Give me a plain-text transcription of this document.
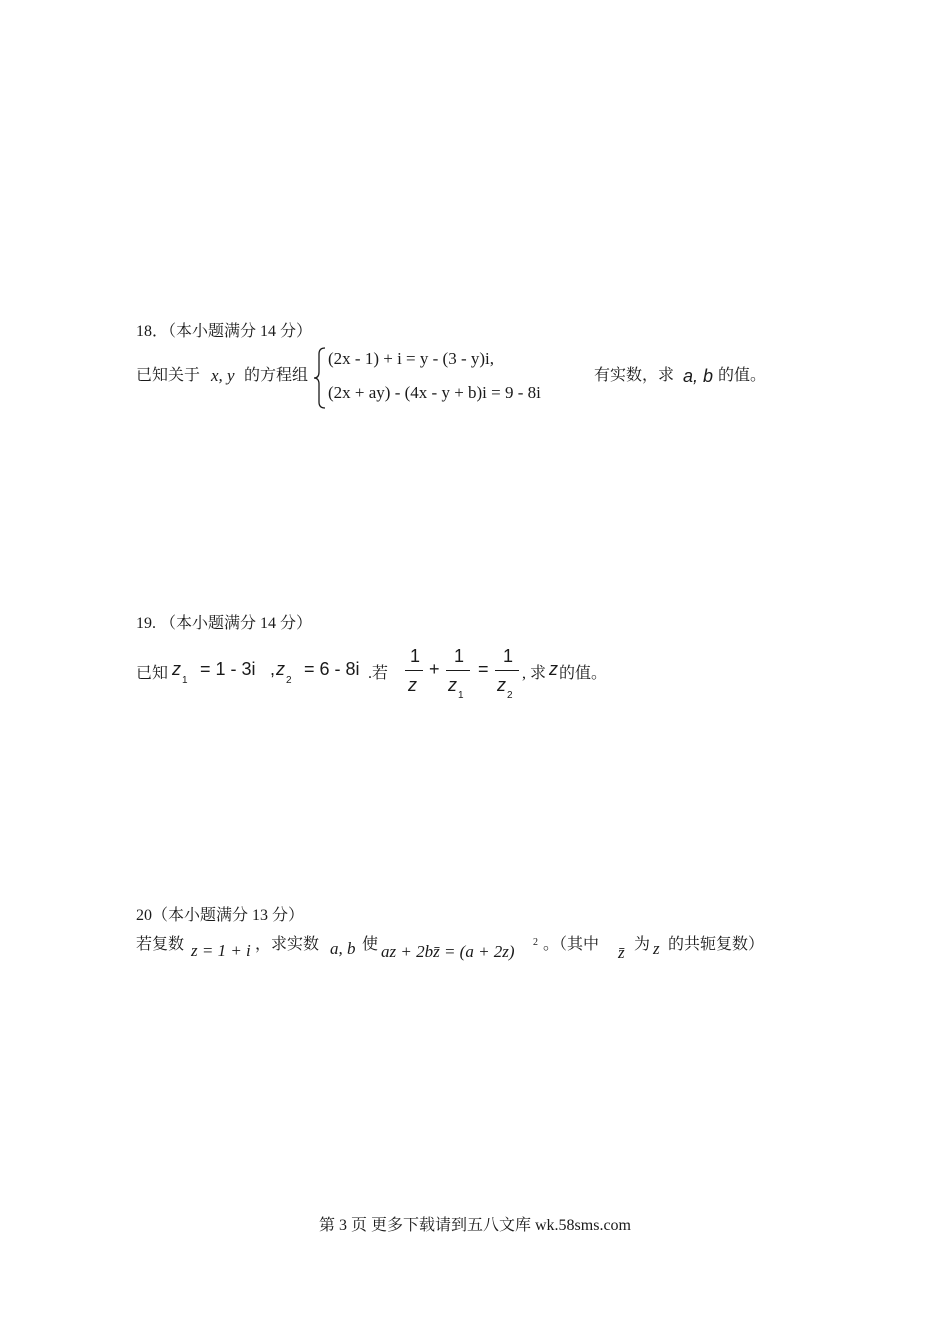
18．（本小题满分 14 分）
已知关于 x, y 的方程组
(2x - 1) + i = y - (3 - y)i,
(2x + ay) - (4x - y + b)i = 9 - 8i
有实数，求 a, b 的值。
19. （本小题满分 14 分）
已知 z
1
= 1 - 3i , z
2
= 6 - 8i .若
1
z
+
1
z
1
=
1
z
2
, 求 z 的值。
20（本小题满分 13 分）
若复数 z = 1 + i ，求实数 a, b 使 az + 2bz̄ = (a + 2z) 2 。（其中 z̄ 为 z 的共轭复数）
第 3 页 更多下载请到五八文库 wk.58sms.com
